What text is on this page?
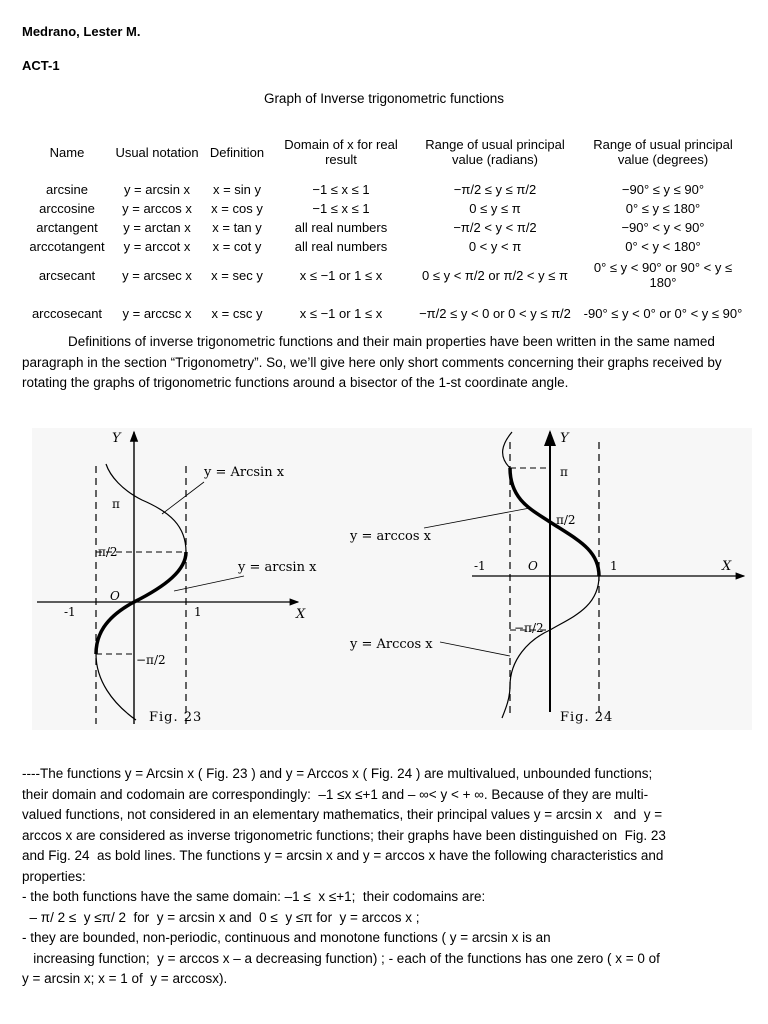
Medrano, Lester M.
ACT-1
Graph of Inverse trigonometric functions
Name	Usual notation	Definition	Domain of x for real result	Range of usual principal value (radians)	Range of usual principal value (degrees)
arcsine	y = arcsin x	x = sin y	−1 ≤ x ≤ 1	−π/2 ≤ y ≤ π/2	−90° ≤ y ≤ 90°
arccosine	y = arccos x	x = cos y	−1 ≤ x ≤ 1	0 ≤ y ≤ π	0° ≤ y ≤ 180°
arctangent	y = arctan x	x = tan y	all real numbers	−π/2 < y < π/2	−90° < y < 90°
arccotangent	y = arccot x	x = cot y	all real numbers	0 < y < π	0° < y < 180°
arcsecant	y = arcsec x	x = sec y	x ≤ −1 or 1 ≤ x	0 ≤ y < π/2 or π/2 < y ≤ π	0° ≤ y < 90° or 90° < y ≤ 180°
arccosecant	y = arccsc x	x = csc y	x ≤ −1 or 1 ≤ x	−π/2 ≤ y < 0 or 0 < y ≤ π/2	-90° ≤ y < 0° or 0° < y ≤ 90°
Definitions of inverse trigonometric functions and their main properties have been written in the same named paragraph in the section “Trigonometry”. So, we’ll give here only short comments concerning their graphs received by rotating the graphs of trigonometric functions around a bisector of the 1-st coordinate angle.
Y
X
π
π/2
O
-1	1
−π/2
y = Arcsin x
y = arcsin x
Fig. 23
Y
X
π
π/2
O
-1	1
−π/2
y = arccos x
y = Arccos x
Fig. 24
----The functions y = Arcsin x ( Fig. 23 ) and y = Arccos x ( Fig. 24 ) are multivalued, unbounded functions;
their domain and codomain are correspondingly:  –1 ≤x ≤+1 and – ∞< y < + ∞. Because of they are multi-
valued functions, not considered in an elementary mathematics, their principal values y = arcsin x   and  y =
arccos x are considered as inverse trigonometric functions; their graphs have been distinguished on  Fig. 23
and Fig. 24  as bold lines. The functions y = arcsin x and y = arccos x have the following characteristics and
properties:
- the both functions have the same domain: –1 ≤  x ≤+1;  their codomains are:
– π/ 2 ≤  y ≤π/ 2  for  y = arcsin x and  0 ≤  y ≤π for  y = arccos x ;
- they are bounded, non-periodic, continuous and monotone functions ( y = arcsin x is an
increasing function;  y = arccos x – a decreasing function) ; - each of the functions has one zero ( x = 0 of
y = arcsin x; x = 1 of  y = arccosx).
